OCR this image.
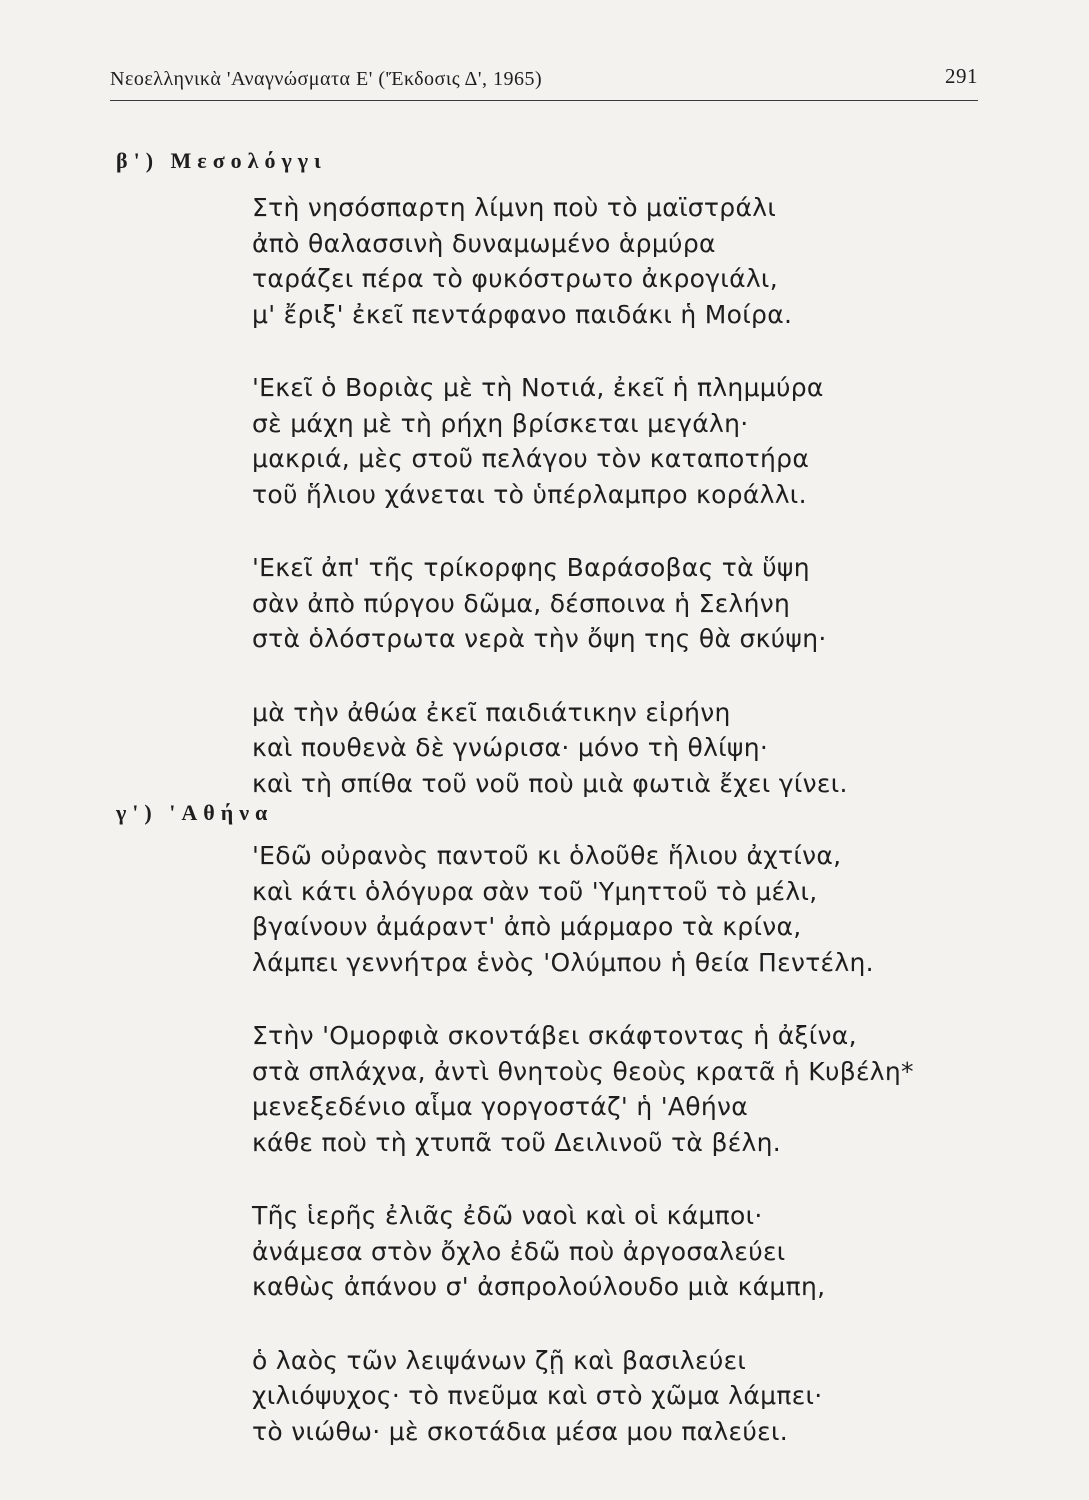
Νεοελληνικὰ 'Αναγνώσματα Ε' ('Έκδοσις Δ', 1965)	291
β') Μεσολόγγι
Στὴ νησόσπαρτη λίμνη ποὺ τὸ μαϊστράλι
ἀπὸ θαλασσινὴ δυναμωμένο ἁρμύρα
ταράζει πέρα τὸ φυκόστρωτο ἀκρογιάλι,
μ' ἔριξ' ἐκεῖ πεντάρφανο παιδάκι ἡ Μοίρα.
'Εκεῖ ὁ Βοριὰς μὲ τὴ Νοτιά, ἐκεῖ ἡ πλημμύρα
σὲ μάχη μὲ τὴ ρήχη βρίσκεται μεγάλη·
μακριά, μὲς στοῦ πελάγου τὸν καταποτήρα
τοῦ ἥλιου χάνεται τὸ ὑπέρλαμπρο κοράλλι.
'Εκεῖ ἀπ' τῆς τρίκορφης Βαράσοβας τὰ ὕψη
σὰν ἀπὸ πύργου δῶμα, δέσποινα ἡ Σελήνη
στὰ ὁλόστρωτα νερὰ τὴν ὄψη της θὰ σκύψη·
μὰ τὴν ἀθώα ἐκεῖ παιδιάτικην εἰρήνη
καὶ πουθενὰ δὲ γνώρισα· μόνο τὴ θλίψη·
καὶ τὴ σπίθα τοῦ νοῦ ποὺ μιὰ φωτιὰ ἔχει γίνει.
γ') 'Αθήνα
'Εδῶ οὐρανὸς παντοῦ κι ὁλοῦθε ἥλιου ἀχτίνα,
καὶ κάτι ὁλόγυρα σὰν τοῦ 'Υμηττοῦ τὸ μέλι,
βγαίνουν ἀμάραντ' ἀπὸ μάρμαρο τὰ κρίνα,
λάμπει γεννήτρα ἑνὸς 'Ολύμπου ἡ θεία Πεντέλη.
Στὴν 'Ομορφιὰ σκοντάβει σκάφτοντας ἡ ἀξίνα,
στὰ σπλάχνα, ἀντὶ θνητοὺς θεοὺς κρατᾶ ἡ Κυβέλη*
μενεξεδένιο αἷμα γοργοστάζ' ἡ 'Αθήνα
κάθε ποὺ τὴ χτυπᾶ τοῦ Δειλινοῦ τὰ βέλη.
Τῆς ἱερῆς ἐλιᾶς ἐδῶ ναοὶ καὶ οἱ κάμποι·
ἀνάμεσα στὸν ὄχλο ἐδῶ ποὺ ἀργοσαλεύει
καθὼς ἀπάνου σ' ἀσπρολούλουδο μιὰ κάμπη,
ὁ λαὸς τῶν λειψάνων ζῇ καὶ βασιλεύει
χιλιόψυχος· τὸ πνεῦμα καὶ στὸ χῶμα λάμπει·
τὸ νιώθω· μὲ σκοτάδια μέσα μου παλεύει.
